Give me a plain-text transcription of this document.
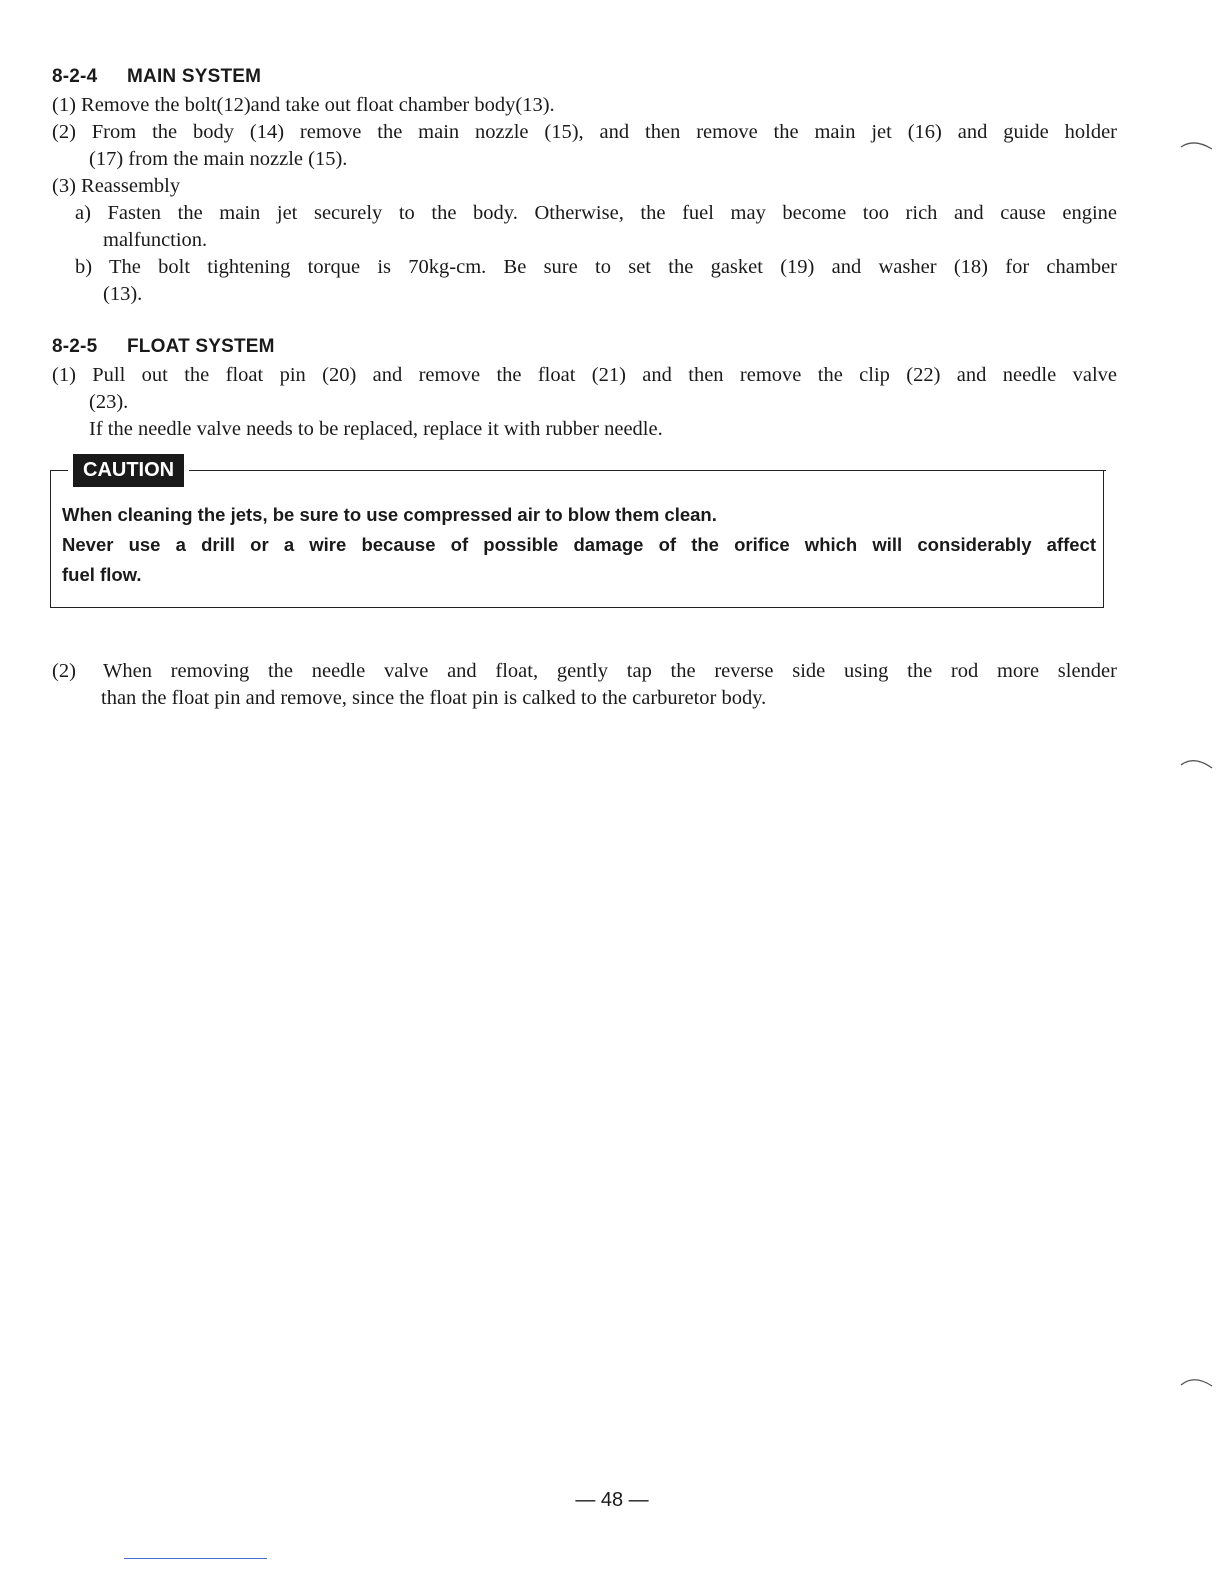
8-2-4 MAIN SYSTEM
(1) Remove the bolt(12)and take out float chamber body(13).
(2) From the body (14) remove the main nozzle (15), and then remove the main jet (16) and guide holder
(17) from the main nozzle (15).
(3) Reassembly
a) Fasten the main jet securely to the body. Otherwise, the fuel may become too rich and cause engine
malfunction.
b) The bolt tightening torque is 70kg-cm. Be sure to set the gasket (19) and washer (18) for chamber
(13).
8-2-5 FLOAT SYSTEM
(1) Pull out the float pin (20) and remove the float (21) and then remove the clip (22) and needle valve
(23).
If the needle valve needs to be replaced, replace it with rubber needle.
CAUTION
When cleaning the jets, be sure to use compressed air to blow them clean.
Never use a drill or a wire because of possible damage of the orifice which will considerably affect
fuel flow.
(2) When removing the needle valve and float, gently tap the reverse side using the rod more slender
than the float pin and remove, since the float pin is calked to the carburetor body.
— 48 —
